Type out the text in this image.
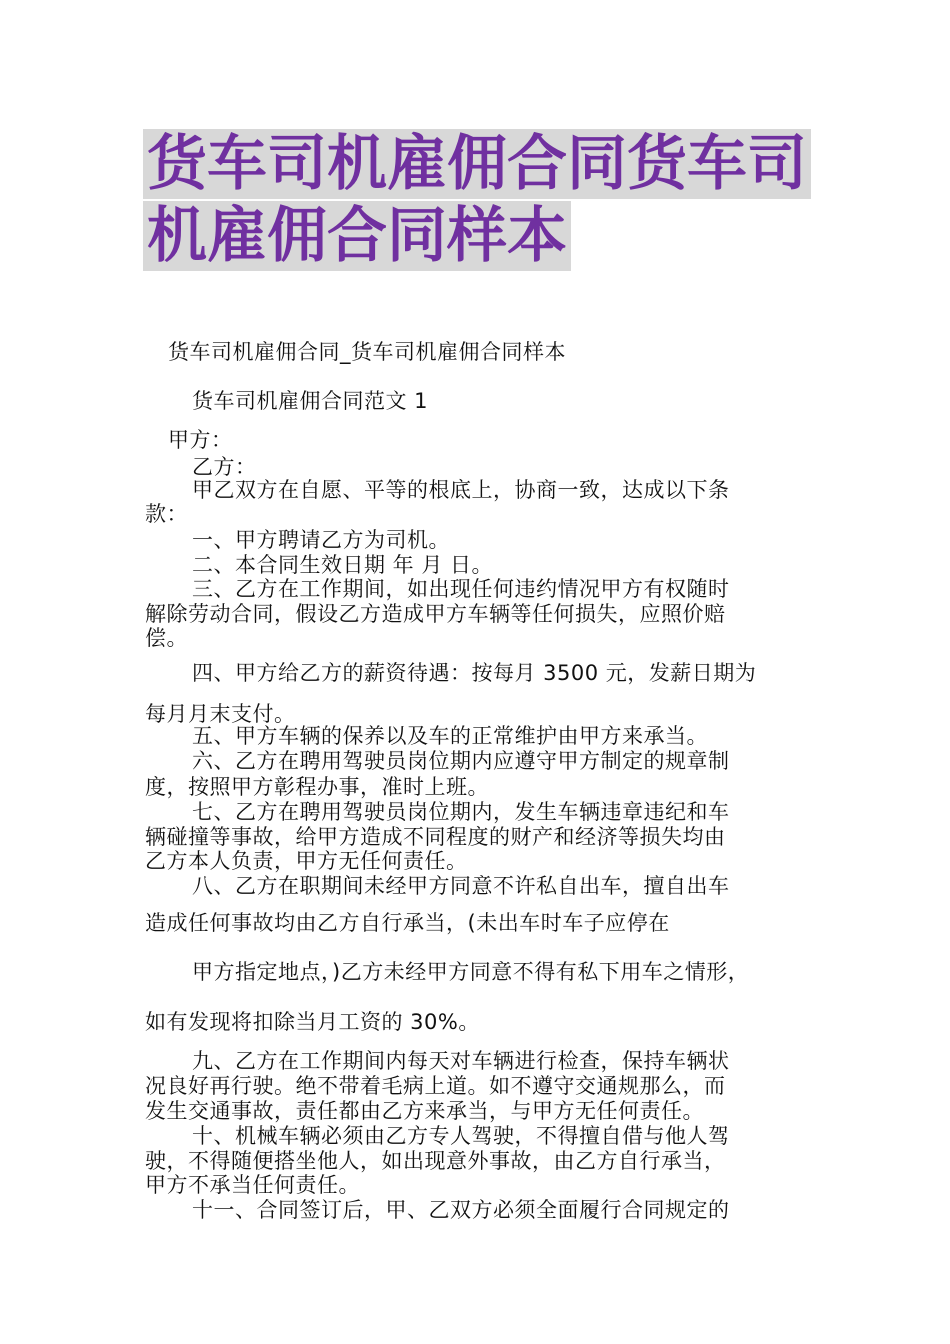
货车司机雇佣合同货车司
机雇佣合同样本
货车司机雇佣合同_货车司机雇佣合同样本
货车司机雇佣合同范文 1
甲方：
乙方：
甲乙双方在自愿、平等的根底上，协商一致，达成以下条
款：
一、甲方聘请乙方为司机。
二、本合同生效日期 年 月 日。
三、乙方在工作期间，如出现任何违约情况甲方有权随时
解除劳动合同，假设乙方造成甲方车辆等任何损失，应照价赔
偿。
四、甲方给乙方的薪资待遇：按每月 3500 元，发薪日期为
每月月末支付。
五、甲方车辆的保养以及车的正常维护由甲方来承当。
六、乙方在聘用驾驶员岗位期内应遵守甲方制定的规章制
度，按照甲方彰程办事，准时上班。
七、乙方在聘用驾驶员岗位期内，发生车辆违章违纪和车
辆碰撞等事故，给甲方造成不同程度的财产和经济等损失均由
乙方本人负责，甲方无任何责任。
八、乙方在职期间未经甲方同意不许私自出车，擅自出车
造成任何事故均由乙方自行承当，(未出车时车子应停在
甲方指定地点，)乙方未经甲方同意不得有私下用车之情形，
如有发现将扣除当月工资的 30%。
九、乙方在工作期间内每天对车辆进行检查，保持车辆状
况良好再行驶。绝不带着毛病上道。如不遵守交通规那么，而
发生交通事故，责任都由乙方来承当，与甲方无任何责任。
十、机械车辆必须由乙方专人驾驶，不得擅自借与他人驾
驶，不得随便搭坐他人，如出现意外事故，由乙方自行承当，
甲方不承当任何责任。
十一、合同签订后，甲、乙双方必须全面履行合同规定的
